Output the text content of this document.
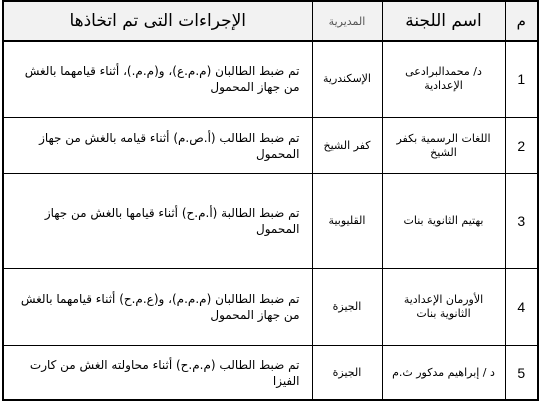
م	اسم اللجنة	المديرية	الإجراءات التى تم اتخاذها
1	د/ محمدالبرادعى الإعدادية	الإسكندرية	تم ضبط الطالبان (م.م.ع)، و(م.م.)، أثناء قيامهما بالغش من جهاز المحمول
2	اللغات الرسمية بكفر الشيخ	كفر الشيخ	تم ضبط الطالب (أ.ص.م) أثناء قيامه بالغش من جهاز المحمول
3	بهتيم الثانوية بنات	القليوبية	تم ضبط الطالبة (أ.م.ح) أثناء قيامها بالغش من جهاز المحمول
4	الأورمان الإعدادية الثانوية بنات	الجيزة	تم ضبط الطالبان (م.م.م)، و(ع.م.ح) أثناء قيامهما بالغش من جهاز المحمول
5	د / إبراهيم مدكور ث.م	الجيزة	تم ضبط الطالب (م.م.ح) أثناء محاولته الغش من كارت الفيزا
